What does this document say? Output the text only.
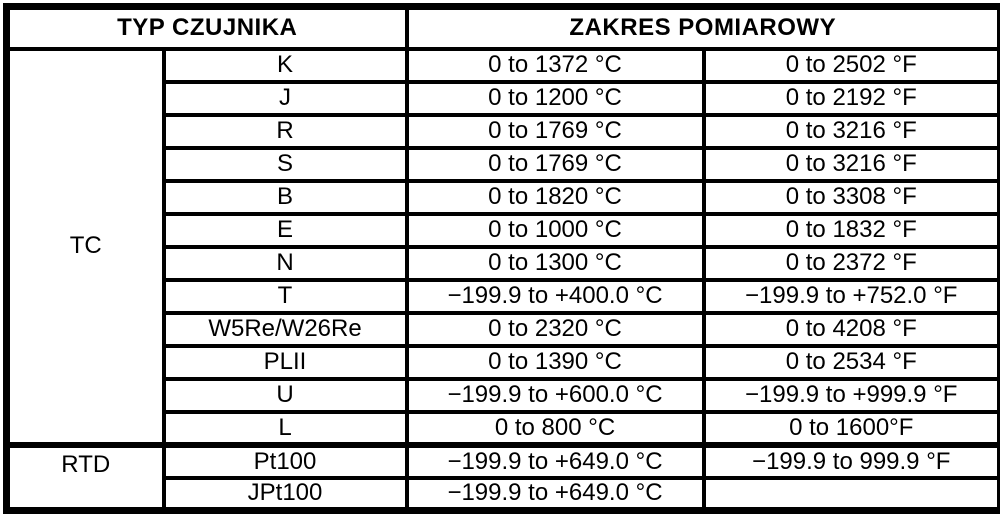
TYP CZUJNIKA		ZAKRES POMIAROWY	
TC	K	0 to 1372 °C	0 to 2502 °F
	J	0 to 1200 °C	0 to 2192 °F
	R	0 to 1769 °C	0 to 3216 °F
	S	0 to 1769 °C	0 to 3216 °F
	B	0 to 1820 °C	0 to 3308 °F
	E	0 to 1000 °C	0 to 1832 °F
	N	0 to 1300 °C	0 to 2372 °F
	T	−199.9 to +400.0 °C	−199.9 to +752.0 °F
	W5Re/W26Re	0 to 2320 °C	0 to 4208 °F
	PLII	0 to 1390 °C	0 to 2534 °F
	U	−199.9 to +600.0 °C	−199.9 to +999.9 °F
	L	0 to 800 °C	0 to 1600°F
RTD	Pt100	−199.9 to +649.0 °C	−199.9 to 999.9 °F
	JPt100	−199.9 to +649.0 °C	
